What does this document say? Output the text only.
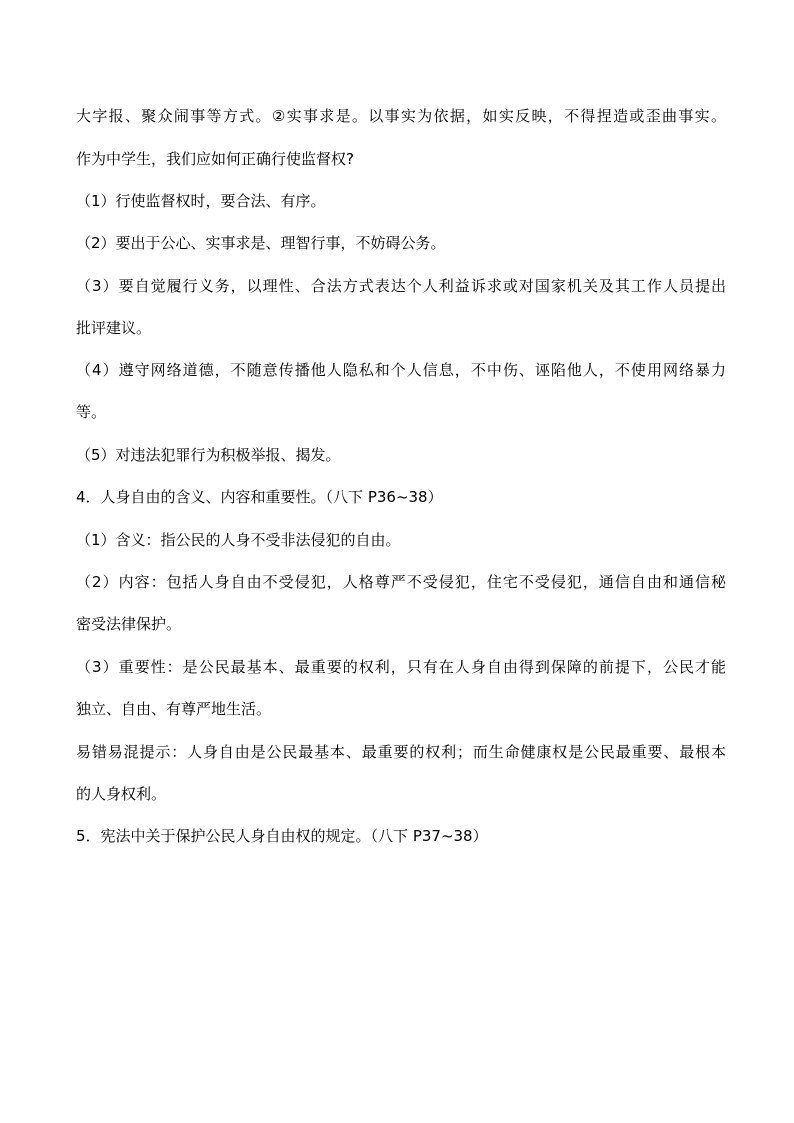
大字报、聚众闹事等方式。②实事求是。以事实为依据，如实反映，不得捏造或歪曲事实。
作为中学生，我们应如何正确行使监督权?
（1）行使监督权时，要合法、有序。
（2）要出于公心、实事求是、理智行事，不妨碍公务。
（3）要自觉履行义务，以理性、合法方式表达个人利益诉求或对国家机关及其工作人员提出
批评建议。
（4）遵守网络道德，不随意传播他人隐私和个人信息，不中伤、诬陷他人，不使用网络暴力
等。
（5）对违法犯罪行为积极举报、揭发。
4．人身自由的含义、内容和重要性。（八下 P36~38）
（1）含义：指公民的人身不受非法侵犯的自由。
（2）内容：包括人身自由不受侵犯，人格尊严不受侵犯，住宅不受侵犯，通信自由和通信秘
密受法律保护。
（3）重要性：是公民最基本、最重要的权利，只有在人身自由得到保障的前提下，公民才能
独立、自由、有尊严地生活。
易错易混提示：人身自由是公民最基本、最重要的权利；而生命健康权是公民最重要、最根本
的人身权利。
5．宪法中关于保护公民人身自由权的规定。（八下 P37~38）
